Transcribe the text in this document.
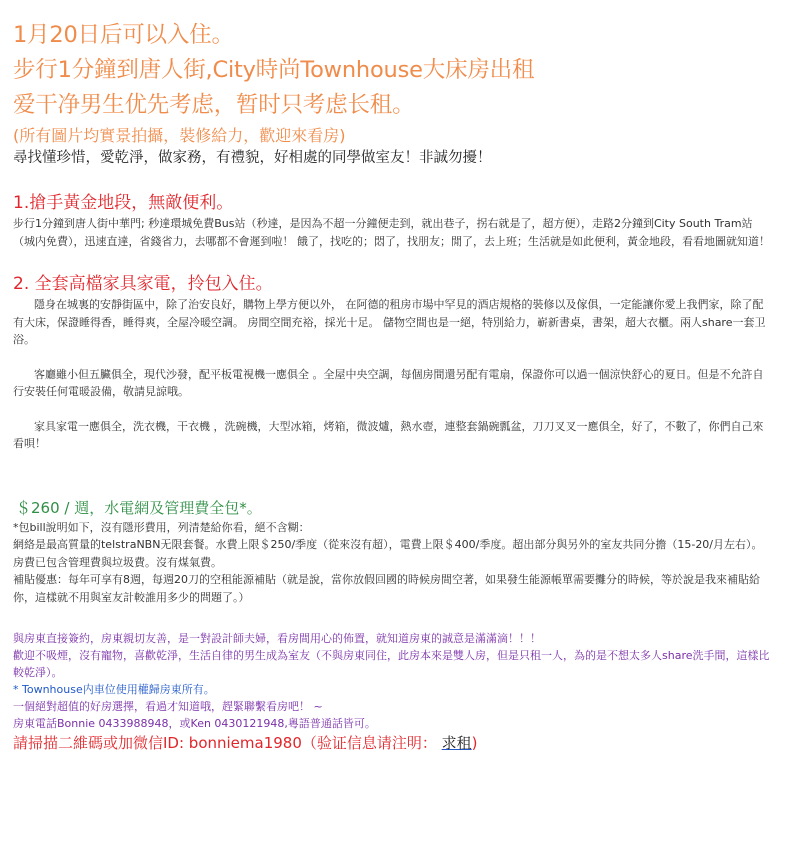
1月20日后可以入住。
步行1分鐘到唐人街,City時尚Townhouse大床房出租
爱干净男生优先考虑，暂时只考虑长租。
(所有圖片均實景拍攝，裝修給力，歡迎來看房)
尋找懂珍惜，愛乾淨，做家務，有禮貌，好相處的同學做室友！非誠勿擾！
1.搶手黃金地段，無敵便利。

步行1分鐘到唐人街中華門; 秒達環城免費Bus站（秒達，是因為不超一分鐘便走到，就出巷子，拐右就是了，超方便），走路2分鐘到City South Tram站（城内免費），迅速直達，省錢省力，去哪都不會遲到啦！ 餓了，找吃的；悶了，找朋友；閒了，去上班；生活就是如此便利，黃金地段，看看地圖就知道！

2. 全套高檔家具家電，拎包入住。

隱身在城裏的安靜街區中，除了治安良好，購物上學方便以外， 在阿德的租房市場中罕見的酒店規格的裝修以及傢俱，一定能讓你愛上我們家，除了配有大床，保證睡得香，睡得爽，全屋冷暖空調。 房間空間充裕，採光十足。 儲物空間也是一絕，特別給力，嶄新書桌，書架，超大衣櫃。兩人share一套卫浴。

客廳雖小但五臟俱全，現代沙發，配平板電視機一應俱全 。全屋中央空調，每個房間還另配有電扇，保證你可以過一個涼快舒心的夏日。但是不允許自行安裝任何電暖設備，敬請見諒哦。

家具家電一應俱全，洗衣機，干衣機 ，洗碗機，大型冰箱，烤箱，微波爐，熱水壺，連整套鍋碗瓢盆，刀刀叉叉一應俱全，好了，不數了，你們自己來看唄！

＄260 / 週，水電網及管理費全包*。

*包bill說明如下，沒有隱形費用，列清楚給你看，絕不含糊：

網絡是最高質量的telstraNBN无限套餐。水費上限＄250/季度（從來沒有超），電費上限＄400/季度。超出部分與另外的室友共同分擔（15-20/月左右）。房費已包含管理費與垃圾費。沒有煤氣費。

補貼優惠：每年可享有8週，每週20刀的空租能源補貼（就是說，當你放假回國的時候房間空著，如果發生能源帳單需要攤分的時候，等於說是我來補貼給你，這樣就不用與室友計較誰用多少的問題了。）

與房東直接簽約，房東親切友善，是一對設計師夫婦，看房間用心的佈置，就知道房東的誠意是滿滿滴！！！
歡迎不吸煙，沒有寵物，喜歡乾淨，生活自律的男生成為室友（不與房東同住，此房本來是雙人房，但是只租一人，為的是不想太多人share洗手間，這樣比較乾淨）。
* Townhouse内車位使用權歸房東所有。
一個絕對超值的好房選擇，看過才知道哦，趕緊聯繫看房吧！ ~
房東電話Bonnie 0433988948，或Ken 0430121948,粵語普通話皆可。
請掃描二維碼或加微信ID: bonniema1980（验证信息请注明： 求租)
